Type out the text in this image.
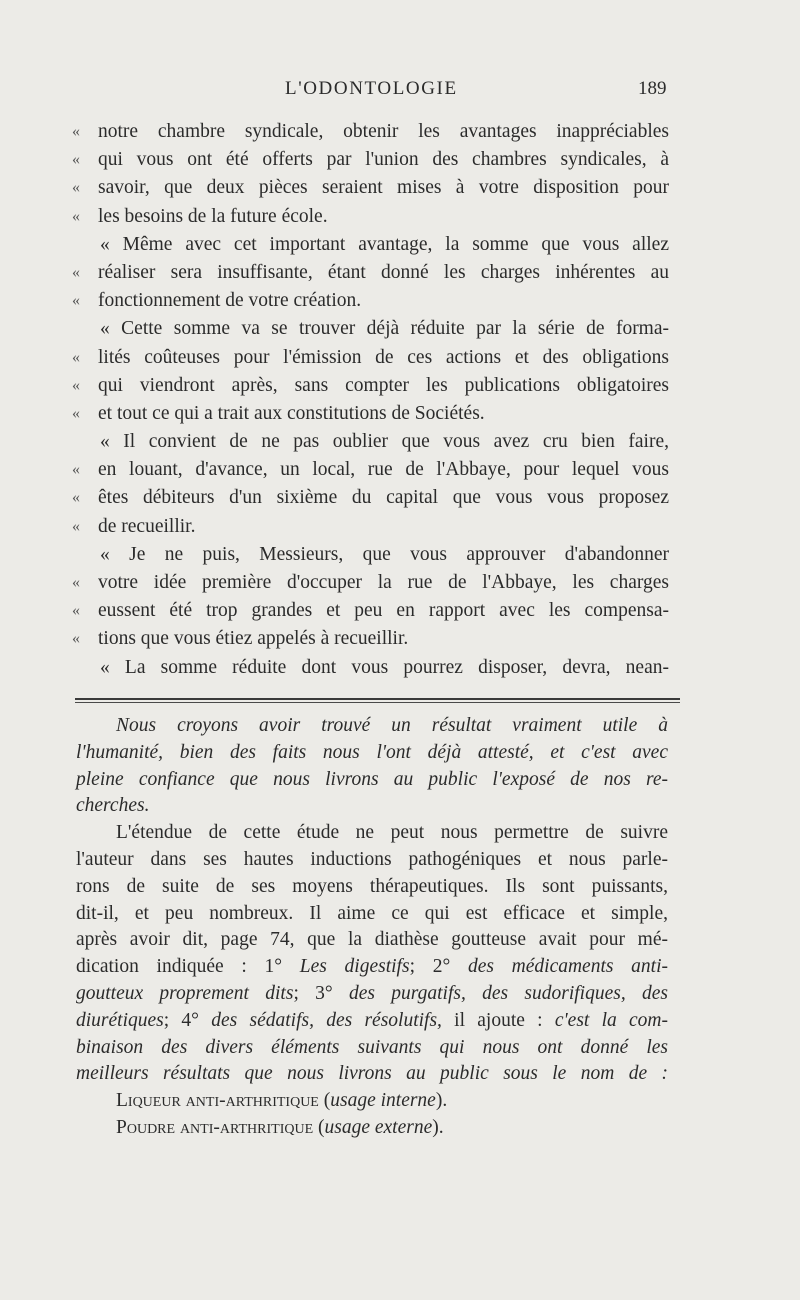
L'ODONTOLOGIE	189
« notre chambre syndicale, obtenir les avantages inappréciables
« qui vous ont été offerts par l'union des chambres syndicales, à
« savoir, que deux pièces seraient mises à votre disposition pour
« les besoins de la future école.
« Même avec cet important avantage, la somme que vous allez
« réaliser sera insuffisante, étant donné les charges inhérentes au
« fonctionnement de votre création.
« Cette somme va se trouver déjà réduite par la série de forma-
« lités coûteuses pour l'émission de ces actions et des obligations
« qui viendront après, sans compter les publications obligatoires
« et tout ce qui a trait aux constitutions de Sociétés.
« Il convient de ne pas oublier que vous avez cru bien faire,
« en louant, d'avance, un local, rue de l'Abbaye, pour lequel vous
« êtes débiteurs d'un sixième du capital que vous vous proposez
« de recueillir.
« Je ne puis, Messieurs, que vous approuver d'abandonner
« votre idée première d'occuper la rue de l'Abbaye, les charges
« eussent été trop grandes et peu en rapport avec les compensa-
« tions que vous étiez appelés à recueillir.
« La somme réduite dont vous pourrez disposer, devra, nean-
Nous croyons avoir trouvé un résultat vraiment utile à
l'humanité, bien des faits nous l'ont déjà attesté, et c'est avec
pleine confiance que nous livrons au public l'exposé de nos re-
cherches.
L'étendue de cette étude ne peut nous permettre de suivre
l'auteur dans ses hautes inductions pathogéniques et nous parle-
rons de suite de ses moyens thérapeutiques. Ils sont puissants,
dit-il, et peu nombreux. Il aime ce qui est efficace et simple,
après avoir dit, page 74, que la diathèse goutteuse avait pour mé-
dication indiquée : 1° Les digestifs; 2° des médicaments anti-
goutteux proprement dits; 3° des purgatifs, des sudorifiques, des
diurétiques; 4° des sédatifs, des résolutifs, il ajoute : c'est la com-
binaison des divers éléments suivants qui nous ont donné les
meilleurs résultats que nous livrons au public sous le nom de :
Liqueur anti-arthritique (usage interne).
Poudre anti-arthritique (usage externe).
